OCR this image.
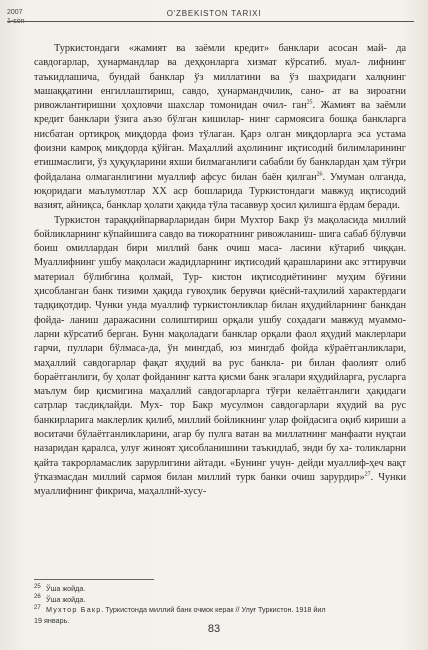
2007	O'ZBEKISTON TARIXI

Туркистондаги «жамият ва заёмли кредит» банклари асосан май- да савдогарлар, ҳунармандлар ва деҳқонларга хизмат кўрсатиб. муал- лифнинг таъкидлашича, бундай банклар ўз миллатини ва ўз шаҳридаги халқнинг машаққатини енгиллаштириш, савдо, ҳунармандчилик, сано- ат ва зироатни ривожлантиришни ҳоҳловчи шахслар томонидан очил- ган$^{25}$. Жамият ва заёмли кредит банклари ўзига аъзо бўлган кишилар- нинг сармоясига бошқа банкларга нисбатан ортиқроқ миқдорда фоиз тўлаган. Қарз олган миқдорларга эса устама фоизни камроқ миқдорда қўйган. Маҳаллий аҳолининг иқтисодий билимларининг етишмаслиги, ўз ҳуқуқларини яхши билмаганлиги сабабли бу банклардан ҳам тўғри фойдалана олмаганлигини муаллиф афсус билан баён қилган$^{26}$. Умуман олганда, юқоридаги маълумотлар XX аср бошларида Туркистондаги мавжуд иқтисодий вазият, айниқса, банклар ҳолати ҳақида тўла тасаввур ҳосил қилишга ёрдам беради.

Туркистон тараққийпарварларидан бири Мухтор Бакр ўз мақоласида миллий бойликларнинг кўпайишига савдо ва тижоратнинг ривожланиш- шига сабаб бўлувчи боиш омиллардан бири миллий банк очиш маса- ласини кўтариб чиққан. Муаллифнинг ушбу мақоласи жадидларнинг иқтисодий қарашларини акс эттирувчи материал бўлибгина қолмай, Тур- кистон иқтисодиётининг муҳим бўғини ҳисобланган банк тизими ҳақида гувоҳлик берувчи қиёсий-таҳлилий характердаги тадқиқотдир. Чунки унда муаллиф туркистонликлар билан яҳудийларнинг банкдан фойда- ланиш даражасини солиштириш орқали ушбу соҳадаги мавжуд муаммо- ларни кўрсатиб берган. Бунн мақоладаги банклар орқали фаол яҳудий маклерлари гарчи, пуллари бўлмаса-да, ўн мингдаб, юз мингдаб фойда кўраётганликлари, маҳаллий савдогарлар фақат яҳудий ва рус банкла- ри билан фаолият олиб бораётганлиги, бу ҳолат фойданинг катта қисми банк эгалари яҳудийларга, русларга маълум бир қисмигина маҳаллий савдогарларга тўғри келаётганлиги ҳақидаги сатрлар тасдиқлайди. Мух- тор Бакр мусулмон савдогарлари яҳудий ва рус банкирларига маклерлик қилиб, миллий бойликнинг улар фойдасига оқиб кириши а воситачи бўлаётганликларини, агар бу пулга ватан ва миллатнинг манфаати нуқтаи назаридан қаралса, улуғ жиноят ҳисобланишини таъкидлаб, энди бу ха- толикларни қайта такрорламаслик зарурлигини айтади. «Бунинг учун- дейди муаллиф-ҳеч вақт ўтказмасдан миллий сармоя билан миллий турк банки очиш зарурдир»$^{27}$. Чунки муаллифнинг фикрича, маҳаллий-хусу-

$^{25}$ Ўша жойда.
$^{26}$ Ўша жойда.
$^{27}$ Мухтор Бакр. Туркистонда миллий банк очмок керак // Улуғ Туркистон. 1918 йил
19 январь.
83
